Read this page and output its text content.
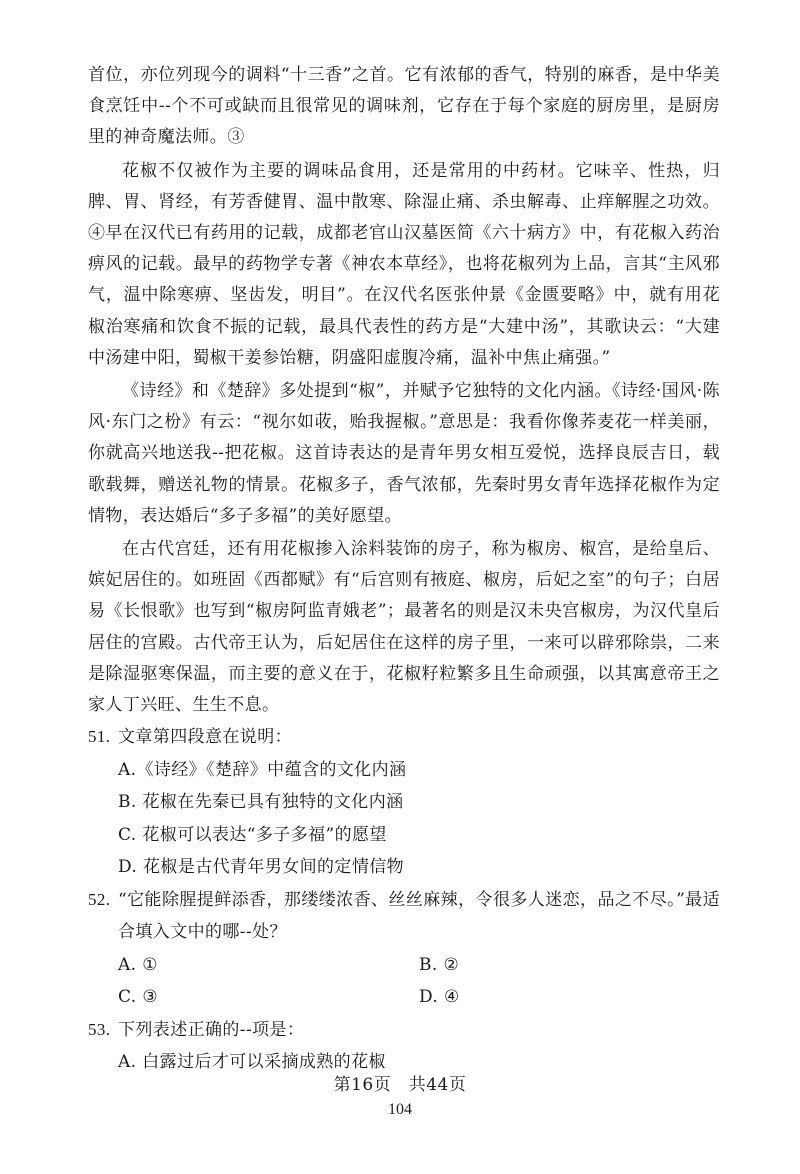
首位，亦位列现今的调料“十三香”之首。它有浓郁的香气，特别的麻香，是中华美食烹饪中--个不可或缺而且很常见的调味剂，它存在于每个家庭的厨房里，是厨房里的神奇魔法师。③

花椒不仅被作为主要的调味品食用，还是常用的中药材。它味辛、性热，归脾、胃、肾经，有芳香健胃、温中散寒、除湿止痛、杀虫解毒、止痒解腥之功效。④早在汉代已有药用的记载，成都老官山汉墓医简《六十病方》中，有花椒入药治痹风的记载。最早的药物学专著《神农本草经》，也将花椒列为上品，言其“主风邪气，温中除寒痹、坚齿发，明目”。在汉代名医张仲景《金匮要略》中，就有用花椒治寒痛和饮食不振的记载，最具代表性的药方是“大建中汤”，其歌诀云：“大建中汤建中阳，蜀椒干姜参饴糖，阴盛阳虚腹冷痛，温补中焦止痛强。”

《诗经》和《楚辞》多处提到“椒”，并赋予它独特的文化内涵。《诗经·国风·陈风·东门之枌》有云：“视尔如荍，贻我握椒。”意思是：我看你像荞麦花一样美丽，你就高兴地送我--把花椒。这首诗表达的是青年男女相互爱悦，选择良辰吉日，载歌载舞，赠送礼物的情景。花椒多子，香气浓郁，先秦时男女青年选择花椒作为定情物，表达婚后“多子多福”的美好愿望。

在古代宫廷，还有用花椒掺入涂料装饰的房子，称为椒房、椒宫，是给皇后、嫔妃居住的。如班固《西都赋》有“后宫则有掖庭、椒房，后妃之室”的句子；白居易《长恨歌》也写到“椒房阿监青娥老”；最著名的则是汉未央宫椒房，为汉代皇后居住的宫殿。古代帝王认为，后妃居住在这样的房子里，一来可以辟邪除祟，二来是除湿驱寒保温，而主要的意义在于，花椒籽粒繁多且生命顽强，以其寓意帝王之家人丁兴旺、生生不息。

51. 文章第四段意在说明：

A.《诗经》《楚辞》中蕴含的文化内涵

B. 花椒在先秦已具有独特的文化内涵

C. 花椒可以表达“多子多福”的愿望

D. 花椒是古代青年男女间的定情信物

52. “它能除腥提鲜添香，那缕缕浓香、丝丝麻辣，令很多人迷恋，品之不尽。”最适合填入文中的哪--处？
A. ①	B. ②
C. ③	D. ④
53. 下列表述正确的--项是：

A. 白露过后才可以采摘成熟的花椒

第16页　共44页
104
